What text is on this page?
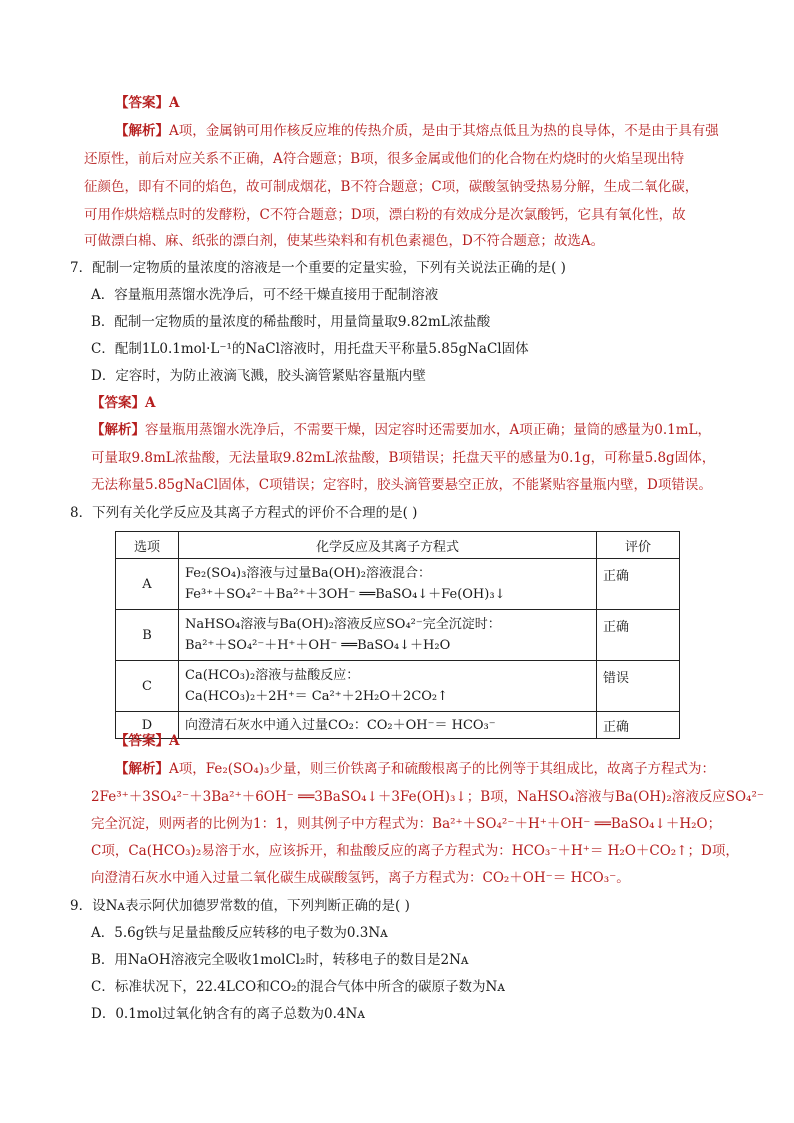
【答案】A
【解析】A项，金属钠可用作核反应堆的传热介质，是由于其熔点低且为热的良导体，不是由于具有强
还原性，前后对应关系不正确，A符合题意；B项，很多金属或他们的化合物在灼烧时的火焰呈现出特
征颜色，即有不同的焰色，故可制成烟花，B不符合题意；C项，碳酸氢钠受热易分解，生成二氧化碳，
可用作烘焙糕点时的发酵粉，C不符合题意；D项，漂白粉的有效成分是次氯酸钙，它具有氧化性，故
可做漂白棉、麻、纸张的漂白剂，使某些染料和有机色素褪色，D不符合题意；故选A。
7．配制一定物质的量浓度的溶液是一个重要的定量实验，下列有关说法正确的是( )
A．容量瓶用蒸馏水洗净后，可不经干燥直接用于配制溶液
B．配制一定物质的量浓度的稀盐酸时，用量筒量取9.82mL浓盐酸
C．配制1L0.1mol·L⁻¹的NaCl溶液时，用托盘天平称量5.85gNaCl固体
D．定容时，为防止液滴飞溅，胶头滴管紧贴容量瓶内壁
【答案】A
【解析】容量瓶用蒸馏水洗净后，不需要干燥，因定容时还需要加水，A项正确；量筒的感量为0.1mL，
可量取9.8mL浓盐酸，无法量取9.82mL浓盐酸，B项错误；托盘天平的感量为0.1g，可称量5.8g固体，
无法称量5.85gNaCl固体，C项错误；定容时，胶头滴管要悬空正放，不能紧贴容量瓶内壁，D项错误。
8．下列有关化学反应及其离子方程式的评价不合理的是( )
选项	化学反应及其离子方程式	评价
A	Fe₂(SO₄)₃溶液与过量Ba(OH)₂溶液混合：
Fe³⁺＋SO₄²⁻＋Ba²⁺＋3OH⁻ ══BaSO₄↓＋Fe(OH)₃↓	正确
B	NaHSO₄溶液与Ba(OH)₂溶液反应SO₄²⁻完全沉淀时：
Ba²⁺＋SO₄²⁻＋H⁺＋OH⁻ ══BaSO₄↓＋H₂O	正确
C	Ca(HCO₃)₂溶液与盐酸反应：
Ca(HCO₃)₂＋2H⁺＝ Ca²⁺＋2H₂O＋2CO₂↑	错误
D	向澄清石灰水中通入过量CO₂：CO₂＋OH⁻＝ HCO₃⁻	正确
【答案】A
【解析】A项，Fe₂(SO₄)₃少量，则三价铁离子和硫酸根离子的比例等于其组成比，故离子方程式为：
2Fe³⁺＋3SO₄²⁻＋3Ba²⁺＋6OH⁻ ══3BaSO₄↓＋3Fe(OH)₃↓；B项，NaHSO₄溶液与Ba(OH)₂溶液反应SO₄²⁻
完全沉淀，则两者的比例为1：1，则其例子中方程式为：Ba²⁺＋SO₄²⁻＋H⁺＋OH⁻ ══BaSO₄↓＋H₂O；
C项，Ca(HCO₃)₂易溶于水，应该拆开，和盐酸反应的离子方程式为：HCO₃⁻＋H⁺＝ H₂O＋CO₂↑；D项，
向澄清石灰水中通入过量二氧化碳生成碳酸氢钙，离子方程式为：CO₂＋OH⁻＝ HCO₃⁻。
9．设Nᴀ表示阿伏加德罗常数的值，下列判断正确的是( )
A．5.6g铁与足量盐酸反应转移的电子数为0.3Nᴀ
B．用NaOH溶液完全吸收1molCl₂时，转移电子的数目是2Nᴀ
C．标准状况下，22.4LCO和CO₂的混合气体中所含的碳原子数为Nᴀ
D．0.1mol过氧化钠含有的离子总数为0.4Nᴀ
